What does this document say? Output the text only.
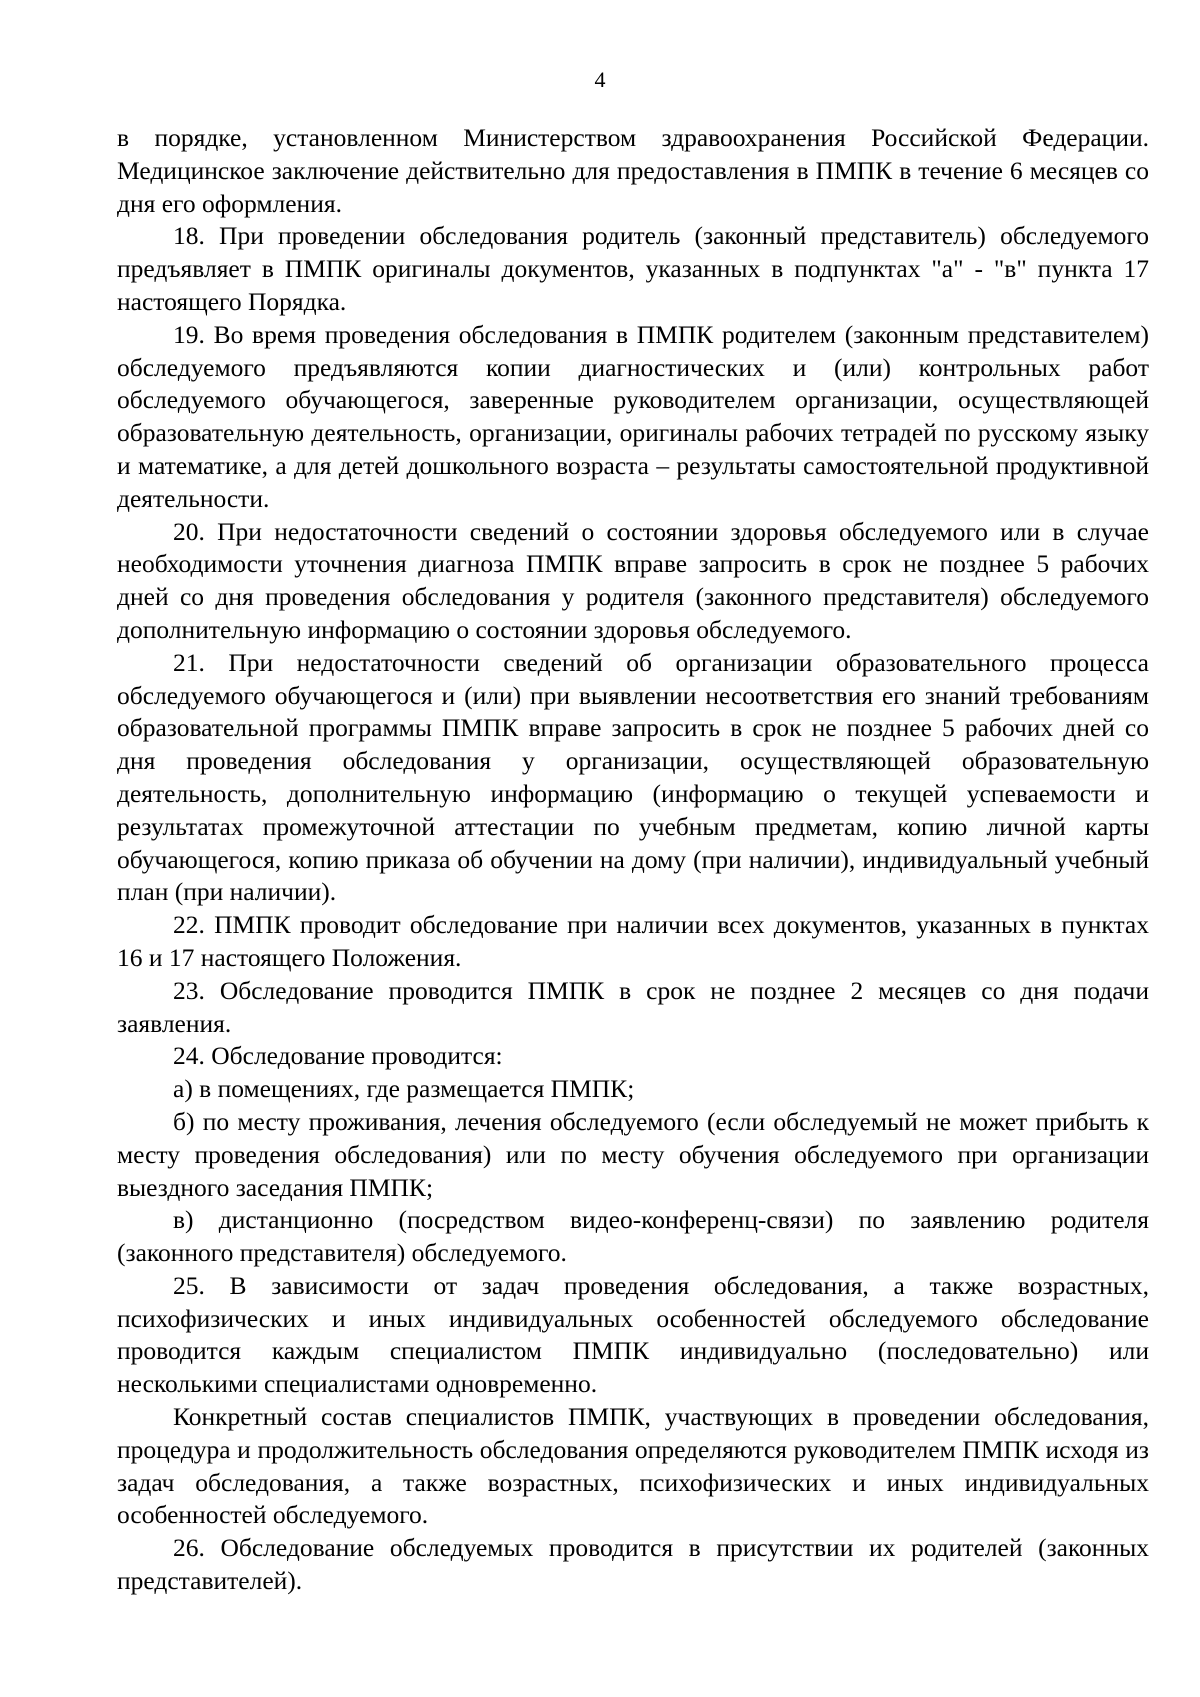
4

в порядке, установленном Министерством здравоохранения Российской Федерации. Медицинское заключение действительно для предоставления в ПМПК в течение 6 месяцев со дня его оформления.

18. При проведении обследования родитель (законный представитель) обследуемого предъявляет в ПМПК оригиналы документов, указанных в подпунктах "а" - "в" пункта 17 настоящего Порядка.

19. Во время проведения обследования в ПМПК родителем (законным представителем) обследуемого предъявляются копии диагностических и (или) контрольных работ обследуемого обучающегося, заверенные руководителем организации, осуществляющей образовательную деятельность, организации, оригиналы рабочих тетрадей по русскому языку и математике, а для детей дошкольного возраста – результаты самостоятельной продуктивной деятельности.

20. При недостаточности сведений о состоянии здоровья обследуемого или в случае необходимости уточнения диагноза ПМПК вправе запросить в срок не позднее 5 рабочих дней со дня проведения обследования у родителя (законного представителя) обследуемого дополнительную информацию о состоянии здоровья обследуемого.

21. При недостаточности сведений об организации образовательного процесса обследуемого обучающегося и (или) при выявлении несоответствия его знаний требованиям образовательной программы ПМПК вправе запросить в срок не позднее 5 рабочих дней со дня проведения обследования у организации, осуществляющей образовательную деятельность, дополнительную информацию (информацию о текущей успеваемости и результатах промежуточной аттестации по учебным предметам, копию личной карты обучающегося, копию приказа об обучении на дому (при наличии), индивидуальный учебный план (при наличии).

22. ПМПК проводит обследование при наличии всех документов, указанных в пунктах 16 и 17 настоящего Положения.

23. Обследование проводится ПМПК в срок не позднее 2 месяцев со дня подачи заявления.

24. Обследование проводится:

а) в помещениях, где размещается ПМПК;

б) по месту проживания, лечения обследуемого (если обследуемый не может прибыть к месту проведения обследования) или по месту обучения обследуемого при организации выездного заседания ПМПК;

в) дистанционно (посредством видео-конференц-связи) по заявлению родителя (законного представителя) обследуемого.

25. В зависимости от задач проведения обследования, а также возрастных, психофизических и иных индивидуальных особенностей обследуемого обследование проводится каждым специалистом ПМПК индивидуально (последовательно) или несколькими специалистами одновременно.

Конкретный состав специалистов ПМПК, участвующих в проведении обследования, процедура и продолжительность обследования определяются руководителем ПМПК исходя из задач обследования, а также возрастных, психофизических и иных индивидуальных особенностей обследуемого.

26. Обследование обследуемых проводится в присутствии их родителей (законных представителей).
